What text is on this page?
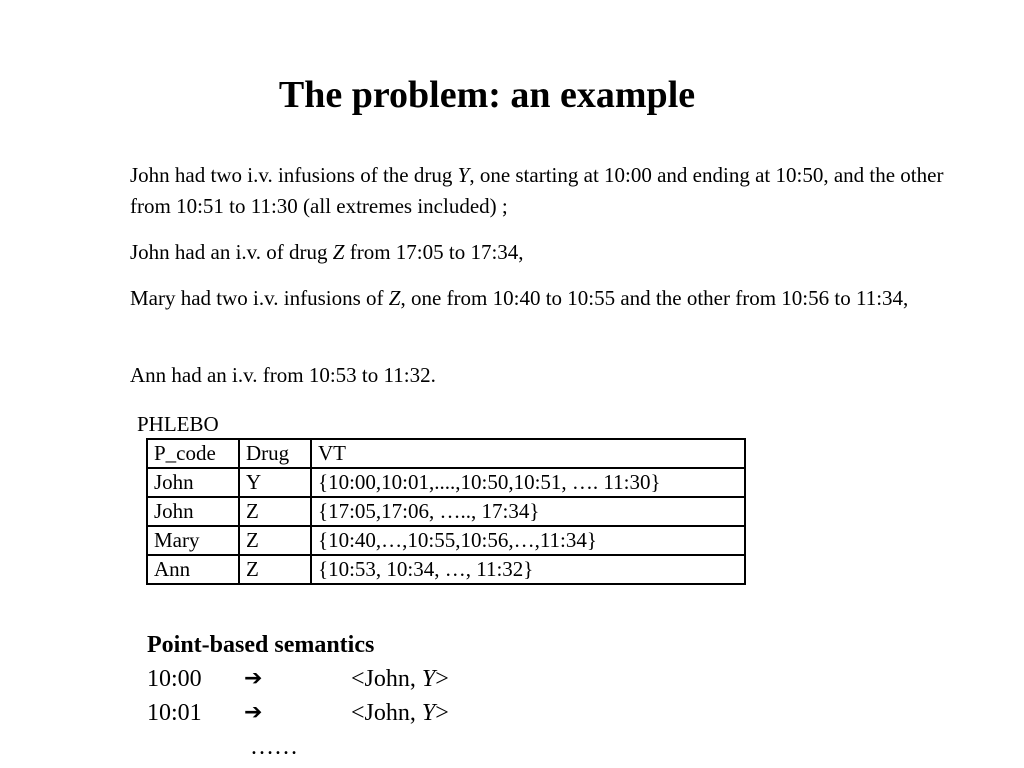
The problem: an example
John had two i.v. infusions of the drug Y, one starting at 10:00 and ending at 10:50, and the other from 10:51 to 11:30 (all extremes included) ;
John had an i.v. of drug Z from 17:05 to 17:34,
Mary had two i.v. infusions of Z, one from 10:40 to 10:55 and the other from 10:56 to 11:34,
Ann had an i.v. from 10:53 to 11:32.
PHLEBO
P_code	Drug	VT
John	Y	{10:00,10:01,....,10:50,10:51, …. 11:30}
John	Z	{17:05,17:06, ….., 17:34}
Mary	Z	{10:40,…,10:55,10:56,…,11:34}
Ann	Z	{10:53, 10:34, …, 11:32}
Point-based semantics
10:00 ➔	<John, Y>
10:01 ➔	<John, Y>
……
